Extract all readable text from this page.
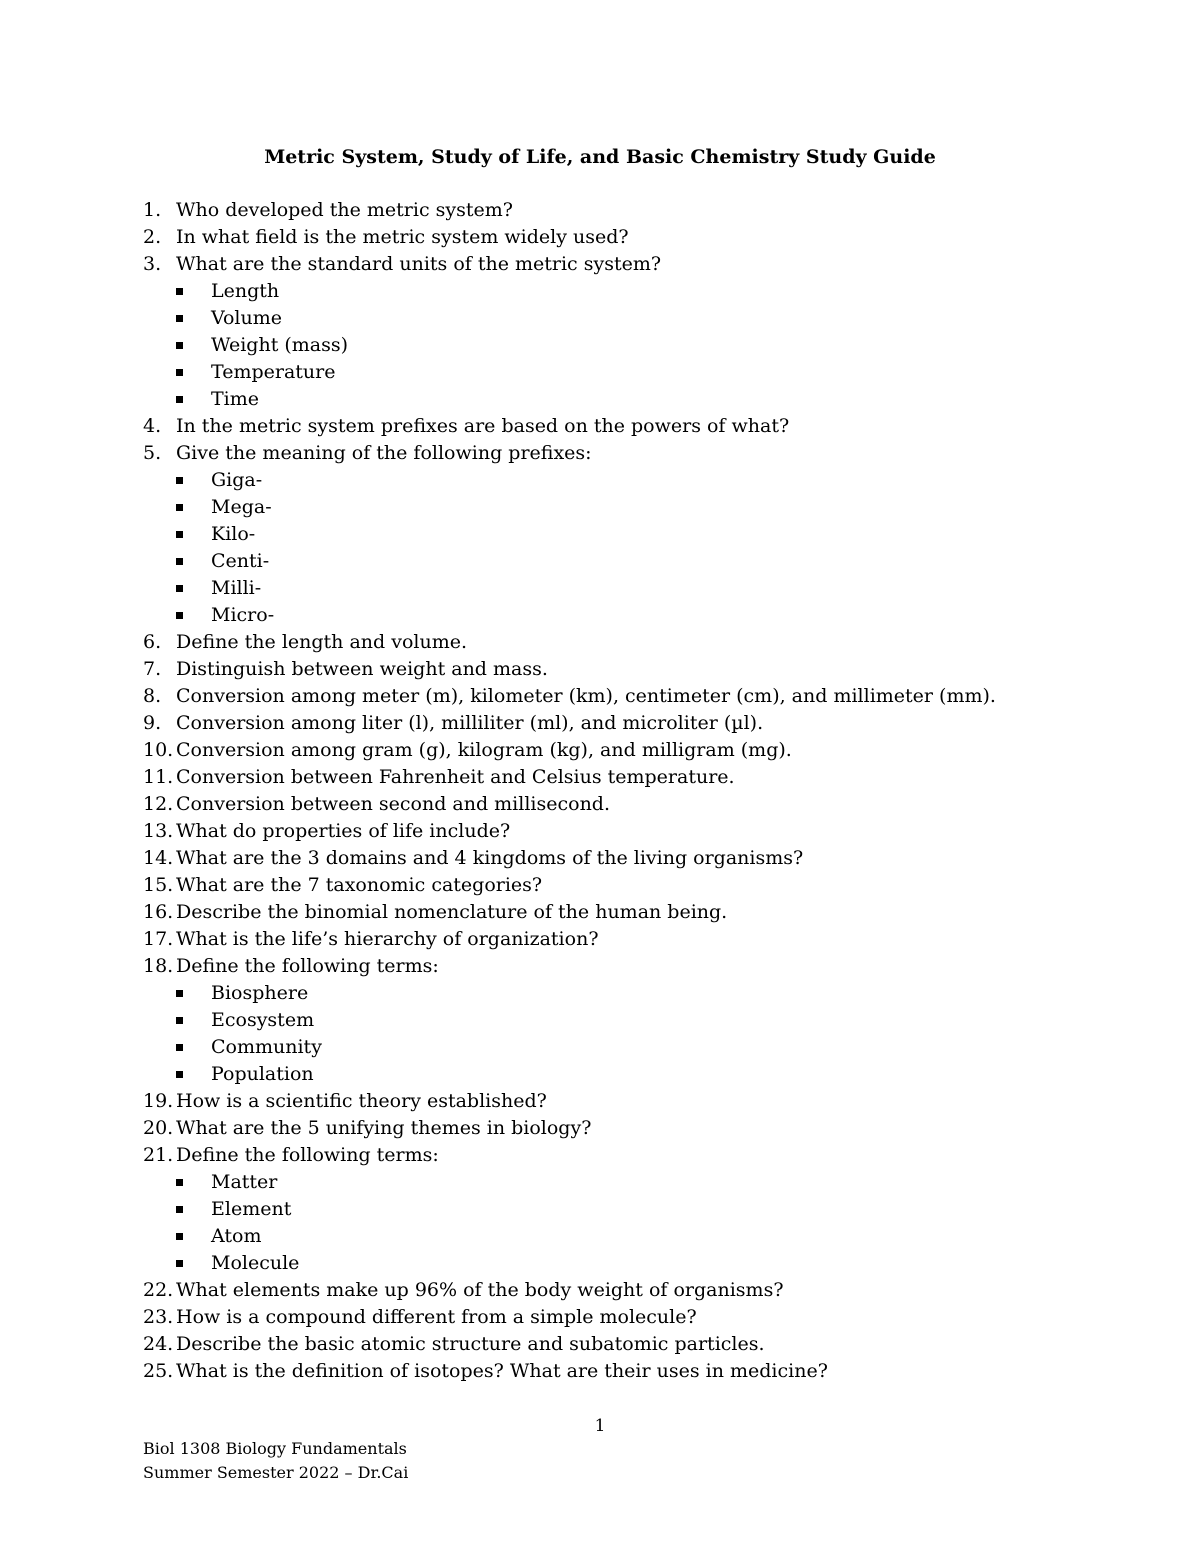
Metric System, Study of Life, and Basic Chemistry Study Guide
1. Who developed the metric system?
2. In what field is the metric system widely used?
3. What are the standard units of the metric system?
Length
Volume
Weight (mass)
Temperature
Time
4. In the metric system prefixes are based on the powers of what?
5. Give the meaning of the following prefixes:
Giga-
Mega-
Kilo-
Centi-
Milli-
Micro-
6. Define the length and volume.
7. Distinguish between weight and mass.
8. Conversion among meter (m), kilometer (km), centimeter (cm), and millimeter (mm).
9. Conversion among liter (l), milliliter (ml), and microliter (µl).
10. Conversion among gram (g), kilogram (kg), and milligram (mg).
11. Conversion between Fahrenheit and Celsius temperature.
12. Conversion between second and millisecond.
13. What do properties of life include?
14. What are the 3 domains and 4 kingdoms of the living organisms?
15. What are the 7 taxonomic categories?
16. Describe the binomial nomenclature of the human being.
17. What is the life’s hierarchy of organization?
18. Define the following terms:
Biosphere
Ecosystem
Community
Population
19. How is a scientific theory established?
20. What are the 5 unifying themes in biology?
21. Define the following terms:
Matter
Element
Atom
Molecule
22. What elements make up 96% of the body weight of organisms?
23. How is a compound different from a simple molecule?
24. Describe the basic atomic structure and subatomic particles.
25. What is the definition of isotopes? What are their uses in medicine?
1
Biol 1308 Biology Fundamentals
Summer Semester 2022 – Dr.Cai
